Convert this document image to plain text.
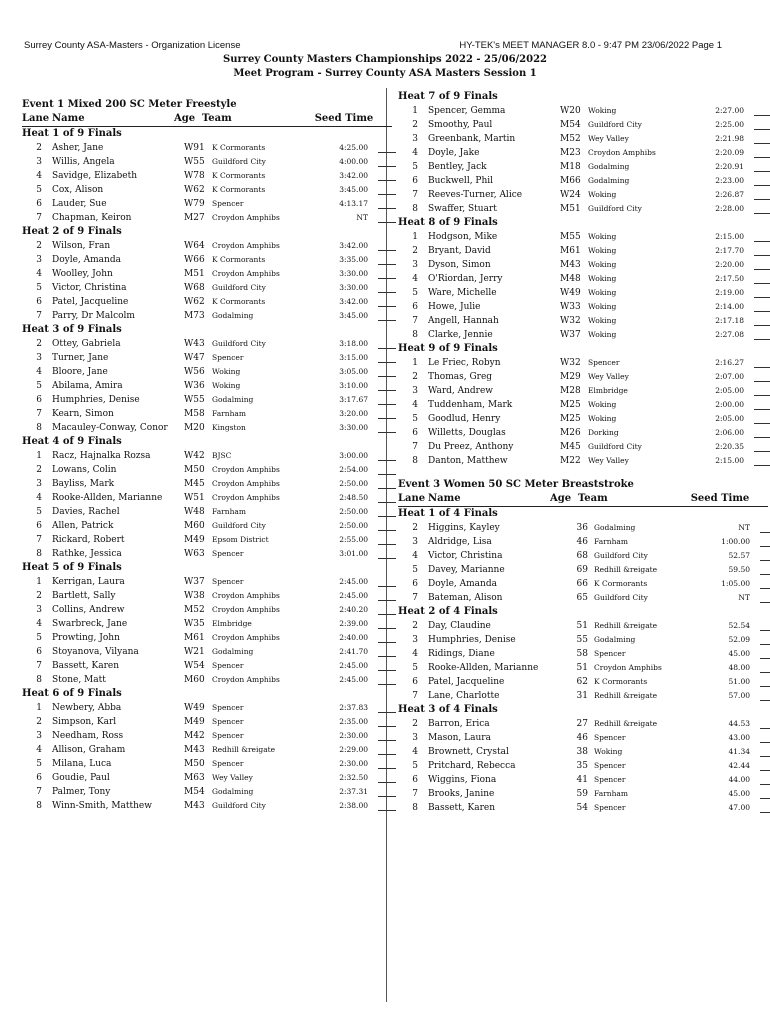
Surrey County ASA-Masters - Organization License	HY-TEK's MEET MANAGER 8.0 - 9:47 PM 23/06/2022 Page 1
Surrey County Masters Championships 2022 - 25/06/2022
Meet Program - Surrey County ASA Masters Session 1
Event 1 Mixed 200 SC Meter Freestyle
Lane Name	Age Team	Seed Time
Heat 1 of 9 Finals
2	Asher, Jane	W91 K Cormorants	4:25.00
3	Willis, Angela	W55 Guildford City	4:00.00
4	Savidge, Elizabeth	W78 K Cormorants	3:42.00
5	Cox, Alison	W62 K Cormorants	3:45.00
6	Lauder, Sue	W79 Spencer	4:13.17
7	Chapman, Keiron	M27 Croydon Amphibs	NT
Heat 2 of 9 Finals
2	Wilson, Fran	W64 Croydon Amphibs	3:42.00
3	Doyle, Amanda	W66 K Cormorants	3:35.00
4	Woolley, John	M51 Croydon Amphibs	3:30.00
5	Victor, Christina	W68 Guildford City	3:30.00
6	Patel, Jacqueline	W62 K Cormorants	3:42.00
7	Parry, Dr Malcolm	M73 Godalming	3:45.00
Heat 3 of 9 Finals
2	Ottey, Gabriela	W43 Guildford City	3:18.00
3	Turner, Jane	W47 Spencer	3:15.00
4	Bloore, Jane	W56 Woking	3:05.00
5	Abilama, Amira	W36 Woking	3:10.00
6	Humphries, Denise	W55 Godalming	3:17.67
7	Kearn, Simon	M58 Farnham	3:20.00
8	Macauley-Conway, Conor	M20 Kingston	3:30.00
Heat 4 of 9 Finals
1	Racz, Hajnalka Rozsa	W42 BJSC	3:00.00
2	Lowans, Colin	M50 Croydon Amphibs	2:54.00
3	Bayliss, Mark	M45 Croydon Amphibs	2:50.00
4	Rooke-Allden, Marianne	W51 Croydon Amphibs	2:48.50
5	Davies, Rachel	W48 Farnham	2:50.00
6	Allen, Patrick	M60 Guildford City	2:50.00
7	Rickard, Robert	M49 Epsom District	2:55.00
8	Rathke, Jessica	W63 Spencer	3:01.00
Heat 5 of 9 Finals
1	Kerrigan, Laura	W37 Spencer	2:45.00
2	Bartlett, Sally	W38 Croydon Amphibs	2:45.00
3	Collins, Andrew	M52 Croydon Amphibs	2:40.20
4	Swarbreck, Jane	W35 Elmbridge	2:39.00
5	Prowting, John	M61 Croydon Amphibs	2:40.00
6	Stoyanova, Vilyana	W21 Godalming	2:41.70
7	Bassett, Karen	W54 Spencer	2:45.00
8	Stone, Matt	M60 Croydon Amphibs	2:45.00
Heat 6 of 9 Finals
1	Newbery, Abba	W49 Spencer	2:37.83
2	Simpson, Karl	M49 Spencer	2:35.00
3	Needham, Ross	M42 Spencer	2:30.00
4	Allison, Graham	M43 Redhill &reigate	2:29.00
5	Milana, Luca	M50 Spencer	2:30.00
6	Goudie, Paul	M63 Wey Valley	2:32.50
7	Palmer, Tony	M54 Godalming	2:37.31
8	Winn-Smith, Matthew	M43 Guildford City	2:38.00
Heat 7 of 9 Finals
1	Spencer, Gemma	W20 Woking	2:27.00
2	Smoothy, Paul	M54 Guildford City	2:25.00
3	Greenbank, Martin	M52 Wey Valley	2:21.98
4	Doyle, Jake	M23 Croydon Amphibs	2:20.09
5	Bentley, Jack	M18 Godalming	2:20.91
6	Buckwell, Phil	M66 Godalming	2:23.00
7	Reeves-Turner, Alice	W24 Woking	2:26.87
8	Swaffer, Stuart	M51 Guildford City	2:28.00
Heat 8 of 9 Finals
1	Hodgson, Mike	M55 Woking	2:15.00
2	Bryant, David	M61 Woking	2:17.70
3	Dyson, Simon	M43 Woking	2:20.00
4	O'Riordan, Jerry	M48 Woking	2:17.50
5	Ware, Michelle	W49 Woking	2:19.00
6	Howe, Julie	W33 Woking	2:14.00
7	Angell, Hannah	W32 Woking	2:17.18
8	Clarke, Jennie	W37 Woking	2:27.08
Heat 9 of 9 Finals
1	Le Friec, Robyn	W32 Spencer	2:16.27
2	Thomas, Greg	M29 Wey Valley	2:07.00
3	Ward, Andrew	M28 Elmbridge	2:05.00
4	Tuddenham, Mark	M25 Woking	2:00.00
5	Goodlud, Henry	M25 Woking	2:05.00
6	Willetts, Douglas	M26 Dorking	2:06.00
7	Du Preez, Anthony	M45 Guildford City	2:20.35
8	Danton, Matthew	M22 Wey Valley	2:15.00
Event 3 Women 50 SC Meter Breaststroke
Lane Name	Age Team	Seed Time
Heat 1 of 4 Finals
2	Higgins, Kayley	36 Godalming	NT
3	Aldridge, Lisa	46 Farnham	1:00.00
4	Victor, Christina	68 Guildford City	52.57
5	Davey, Marianne	69 Redhill &reigate	59.50
6	Doyle, Amanda	66 K Cormorants	1:05.00
7	Bateman, Alison	65 Guildford City	NT
Heat 2 of 4 Finals
2	Day, Claudine	51 Redhill &reigate	52.54
3	Humphries, Denise	55 Godalming	52.09
4	Ridings, Diane	58 Spencer	45.00
5	Rooke-Allden, Marianne	51 Croydon Amphibs	48.00
6	Patel, Jacqueline	62 K Cormorants	51.00
7	Lane, Charlotte	31 Redhill &reigate	57.00
Heat 3 of 4 Finals
2	Barron, Erica	27 Redhill &reigate	44.53
3	Mason, Laura	46 Spencer	43.00
4	Brownett, Crystal	38 Woking	41.34
5	Pritchard, Rebecca	35 Spencer	42.44
6	Wiggins, Fiona	41 Spencer	44.00
7	Brooks, Janine	59 Farnham	45.00
8	Bassett, Karen	54 Spencer	47.00
